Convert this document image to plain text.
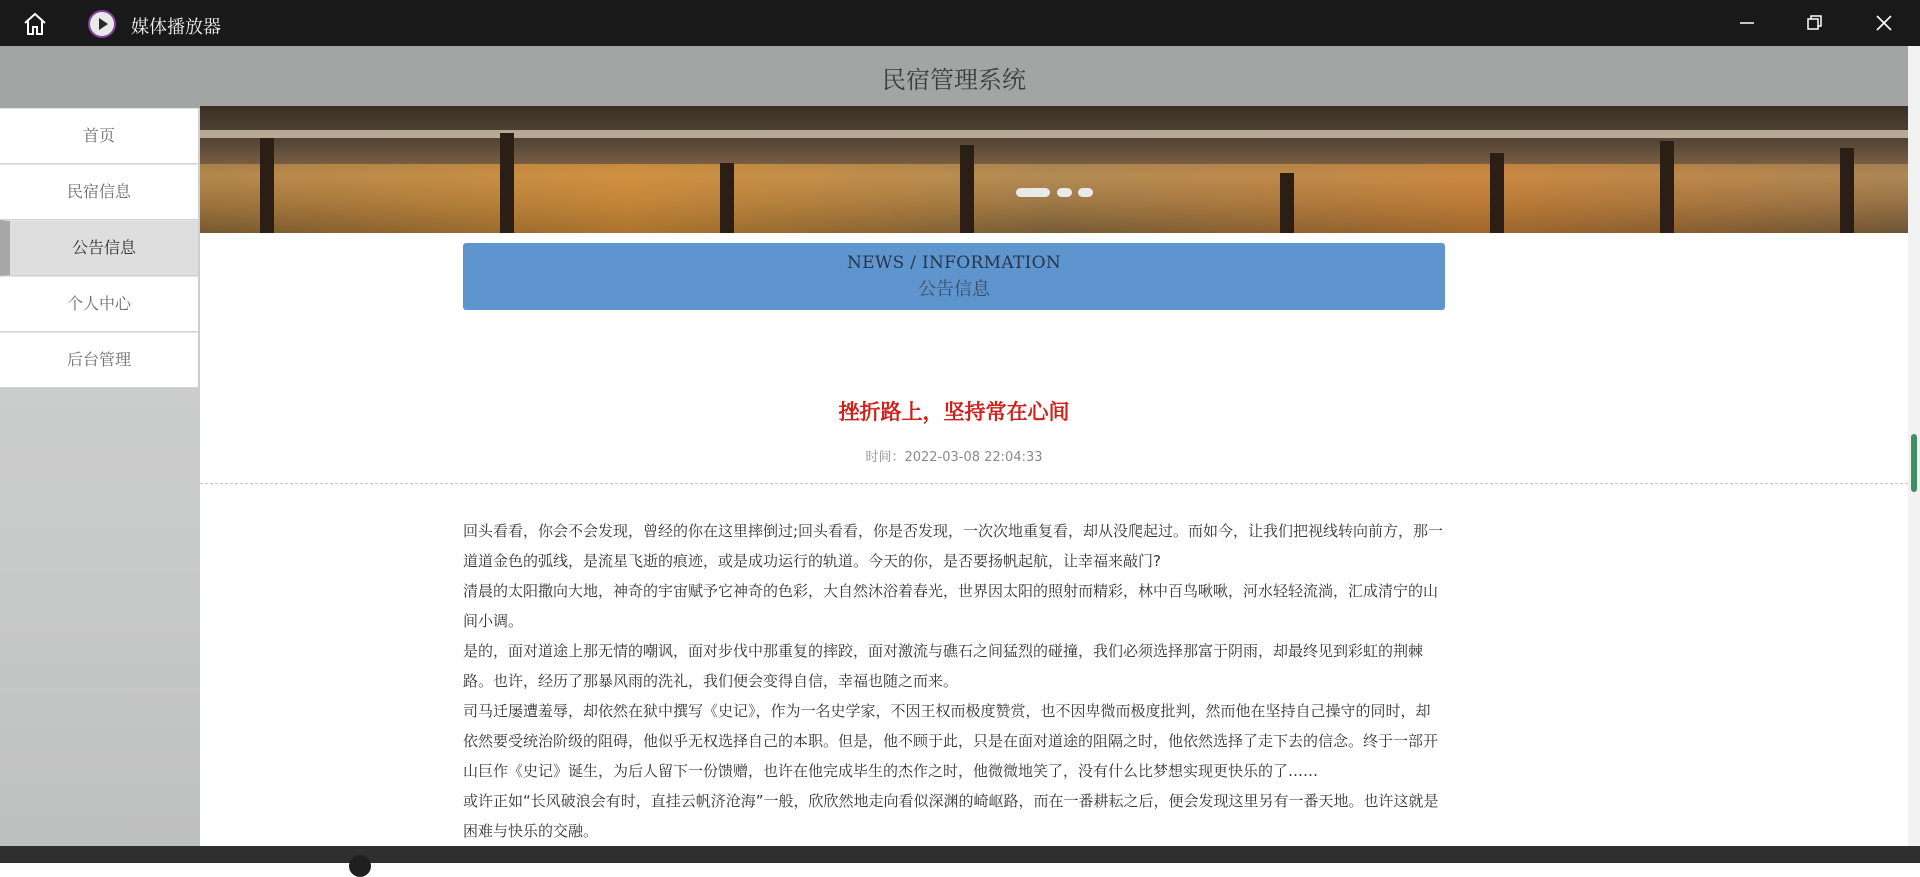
媒体播放器
民宿管理系统
首页
民宿信息
公告信息
个人中心
后台管理
NEWS / INFORMATION
公告信息
挫折路上，坚持常在心间
时间：2022-03-08 22:04:33

回头看看，你会不会发现，曾经的你在这里摔倒过;回头看看，你是否发现，一次次地重复看，却从没爬起过。而如今，让我们把视线转向前方，那一道道金色的弧线，是流星飞逝的痕迹，或是成功运行的轨道。今天的你，是否要扬帆起航，让幸福来敲门?

清晨的太阳撒向大地，神奇的宇宙赋予它神奇的色彩，大自然沐浴着春光，世界因太阳的照射而精彩，林中百鸟啾啾，河水轻轻流淌，汇成清宁的山间小调。

是的，面对道途上那无情的嘲讽，面对步伐中那重复的摔跤，面对激流与礁石之间猛烈的碰撞，我们必须选择那富于阴雨，却最终见到彩虹的荆棘路。也许，经历了那暴风雨的洗礼，我们便会变得自信，幸福也随之而来。

司马迁屡遭羞辱，却依然在狱中撰写《史记》，作为一名史学家，不因王权而极度赞赏，也不因卑微而极度批判，然而他在坚持自己操守的同时，却依然要受统治阶级的阻碍，他似乎无权选择自己的本职。但是，他不顾于此，只是在面对道途的阻隔之时，他依然选择了走下去的信念。终于一部开山巨作《史记》诞生，为后人留下一份馈赠，也许在他完成毕生的杰作之时，他微微地笑了，没有什么比梦想实现更快乐的了……

或许正如“长风破浪会有时，直挂云帆济沧海”一般，欣欣然地走向看似深渊的崎岖路，而在一番耕耘之后，便会发现这里另有一番天地。也许这就是困难与快乐的交融。
